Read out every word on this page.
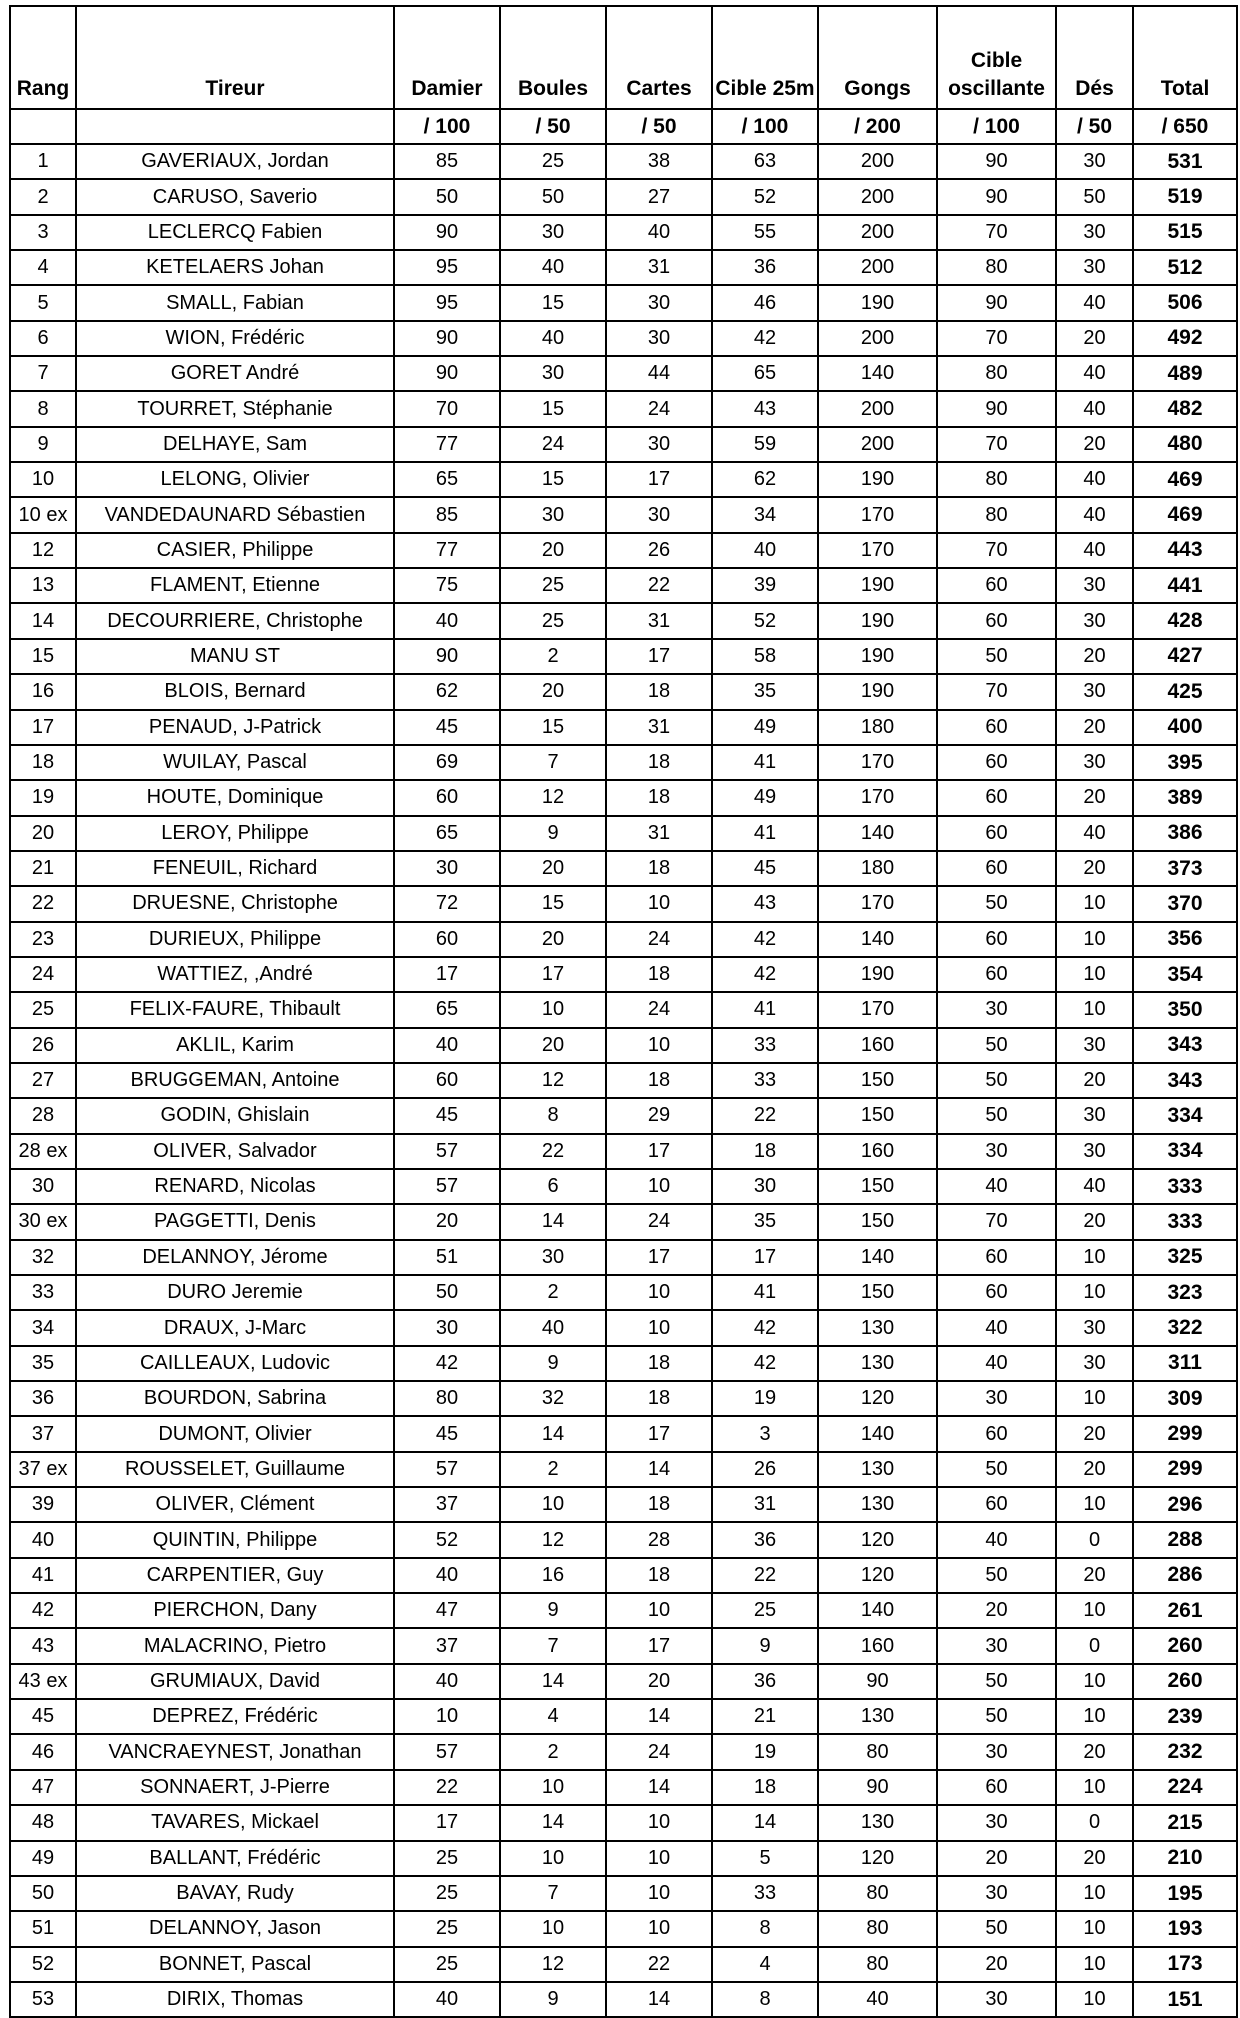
Rang	Tireur	Damier	Boules	Cartes	Cible 25m	Gongs	Cible oscillante	Dés	Total
		/ 100	/ 50	/ 50	/ 100	/ 200	/ 100	/ 50	/ 650
1	GAVERIAUX, Jordan	85	25	38	63	200	90	30	531
2	CARUSO, Saverio	50	50	27	52	200	90	50	519
3	LECLERCQ Fabien	90	30	40	55	200	70	30	515
4	KETELAERS Johan	95	40	31	36	200	80	30	512
5	SMALL, Fabian	95	15	30	46	190	90	40	506
6	WION, Frédéric	90	40	30	42	200	70	20	492
7	GORET André	90	30	44	65	140	80	40	489
8	TOURRET, Stéphanie	70	15	24	43	200	90	40	482
9	DELHAYE, Sam	77	24	30	59	200	70	20	480
10	LELONG, Olivier	65	15	17	62	190	80	40	469
10 ex	VANDEDAUNARD Sébastien	85	30	30	34	170	80	40	469
12	CASIER, Philippe	77	20	26	40	170	70	40	443
13	FLAMENT, Etienne	75	25	22	39	190	60	30	441
14	DECOURRIERE, Christophe	40	25	31	52	190	60	30	428
15	MANU ST	90	2	17	58	190	50	20	427
16	BLOIS, Bernard	62	20	18	35	190	70	30	425
17	PENAUD, J-Patrick	45	15	31	49	180	60	20	400
18	WUILAY, Pascal	69	7	18	41	170	60	30	395
19	HOUTE, Dominique	60	12	18	49	170	60	20	389
20	LEROY, Philippe	65	9	31	41	140	60	40	386
21	FENEUIL, Richard	30	20	18	45	180	60	20	373
22	DRUESNE, Christophe	72	15	10	43	170	50	10	370
23	DURIEUX, Philippe	60	20	24	42	140	60	10	356
24	WATTIEZ, ,André	17	17	18	42	190	60	10	354
25	FELIX-FAURE, Thibault	65	10	24	41	170	30	10	350
26	AKLIL, Karim	40	20	10	33	160	50	30	343
27	BRUGGEMAN, Antoine	60	12	18	33	150	50	20	343
28	GODIN, Ghislain	45	8	29	22	150	50	30	334
28 ex	OLIVER, Salvador	57	22	17	18	160	30	30	334
30	RENARD, Nicolas	57	6	10	30	150	40	40	333
30 ex	PAGGETTI, Denis	20	14	24	35	150	70	20	333
32	DELANNOY, Jérome	51	30	17	17	140	60	10	325
33	DURO Jeremie	50	2	10	41	150	60	10	323
34	DRAUX, J-Marc	30	40	10	42	130	40	30	322
35	CAILLEAUX, Ludovic	42	9	18	42	130	40	30	311
36	BOURDON, Sabrina	80	32	18	19	120	30	10	309
37	DUMONT, Olivier	45	14	17	3	140	60	20	299
37 ex	ROUSSELET, Guillaume	57	2	14	26	130	50	20	299
39	OLIVER, Clément	37	10	18	31	130	60	10	296
40	QUINTIN, Philippe	52	12	28	36	120	40	0	288
41	CARPENTIER, Guy	40	16	18	22	120	50	20	286
42	PIERCHON, Dany	47	9	10	25	140	20	10	261
43	MALACRINO, Pietro	37	7	17	9	160	30	0	260
43 ex	GRUMIAUX, David	40	14	20	36	90	50	10	260
45	DEPREZ, Frédéric	10	4	14	21	130	50	10	239
46	VANCRAEYNEST, Jonathan	57	2	24	19	80	30	20	232
47	SONNAERT, J-Pierre	22	10	14	18	90	60	10	224
48	TAVARES, Mickael	17	14	10	14	130	30	0	215
49	BALLANT, Frédéric	25	10	10	5	120	20	20	210
50	BAVAY, Rudy	25	7	10	33	80	30	10	195
51	DELANNOY, Jason	25	10	10	8	80	50	10	193
52	BONNET, Pascal	25	12	22	4	80	20	10	173
53	DIRIX, Thomas	40	9	14	8	40	30	10	151
